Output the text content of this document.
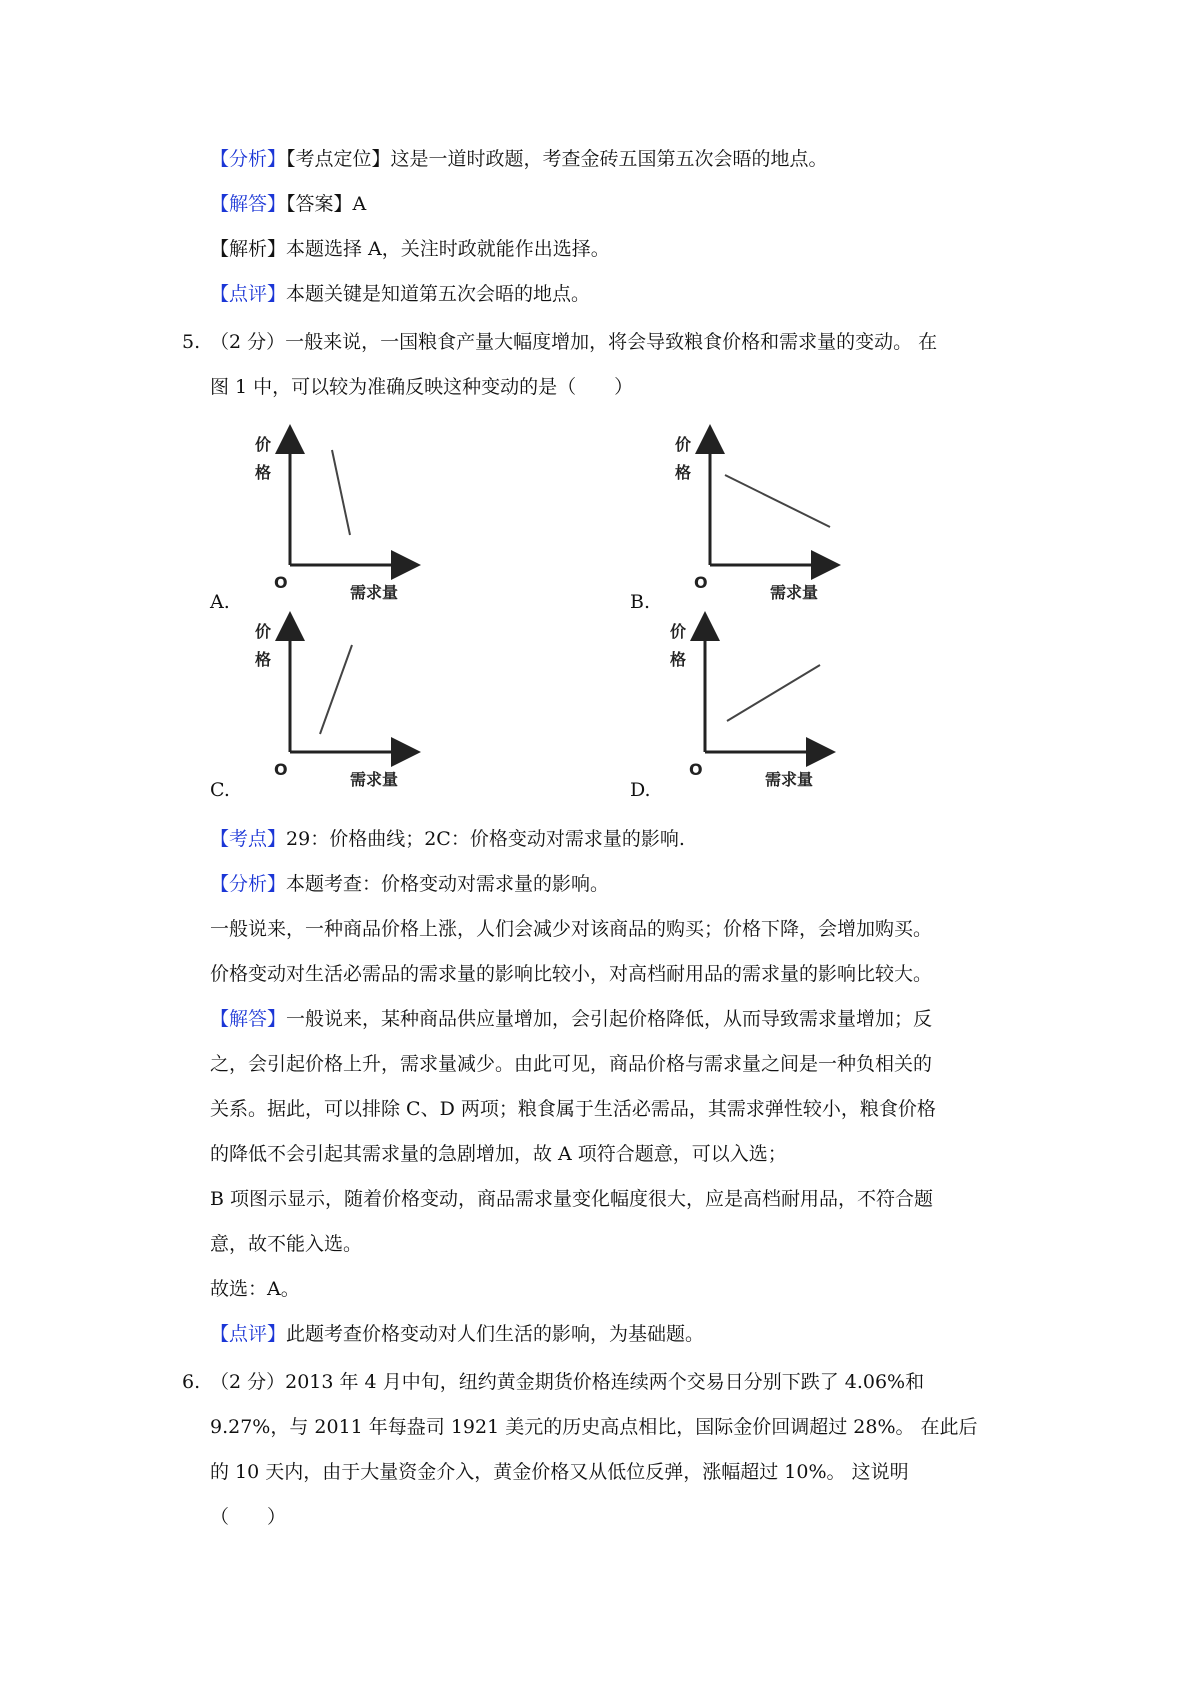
【分析】【考点定位】这是一道时政题，考查金砖五国第五次会晤的地点。
【解答】【答案】A
【解析】本题选择 A，关注时政就能作出选择。
【点评】本题关键是知道第五次会晤的地点。
5. （2 分）一般来说，一国粮食产量大幅度增加，将会导致粮食价格和需求量的变动。 在
图 1 中，可以较为准确反映这种变动的是（　　）
A.
价
格
O
需求量	B.
价
格
O
需求量
C.
价
格
O
需求量	D.
价
格
O
需求量
【考点】29：价格曲线；2C：价格变动对需求量的影响.
【分析】本题考查：价格变动对需求量的影响。
一般说来，一种商品价格上涨，人们会减少对该商品的购买；价格下降，会增加购买。
价格变动对生活必需品的需求量的影响比较小，对高档耐用品的需求量的影响比较大。
【解答】一般说来，某种商品供应量增加，会引起价格降低，从而导致需求量增加；反
之，会引起价格上升，需求量减少。由此可见，商品价格与需求量之间是一种负相关的
关系。据此，可以排除 C、D 两项；粮食属于生活必需品，其需求弹性较小，粮食价格
的降低不会引起其需求量的急剧增加，故 A 项符合题意，可以入选；
B 项图示显示，随着价格变动，商品需求量变化幅度很大，应是高档耐用品，不符合题
意，故不能入选。
故选：A。
【点评】此题考查价格变动对人们生活的影响，为基础题。
6. （2 分）2013 年 4 月中旬，纽约黄金期货价格连续两个交易日分别下跌了 4.06%和
9.27%，与 2011 年每盎司 1921 美元的历史高点相比，国际金价回调超过 28%。 在此后
的 10 天内，由于大量资金介入，黄金价格又从低位反弹，涨幅超过 10%。 这说明
（　　）
